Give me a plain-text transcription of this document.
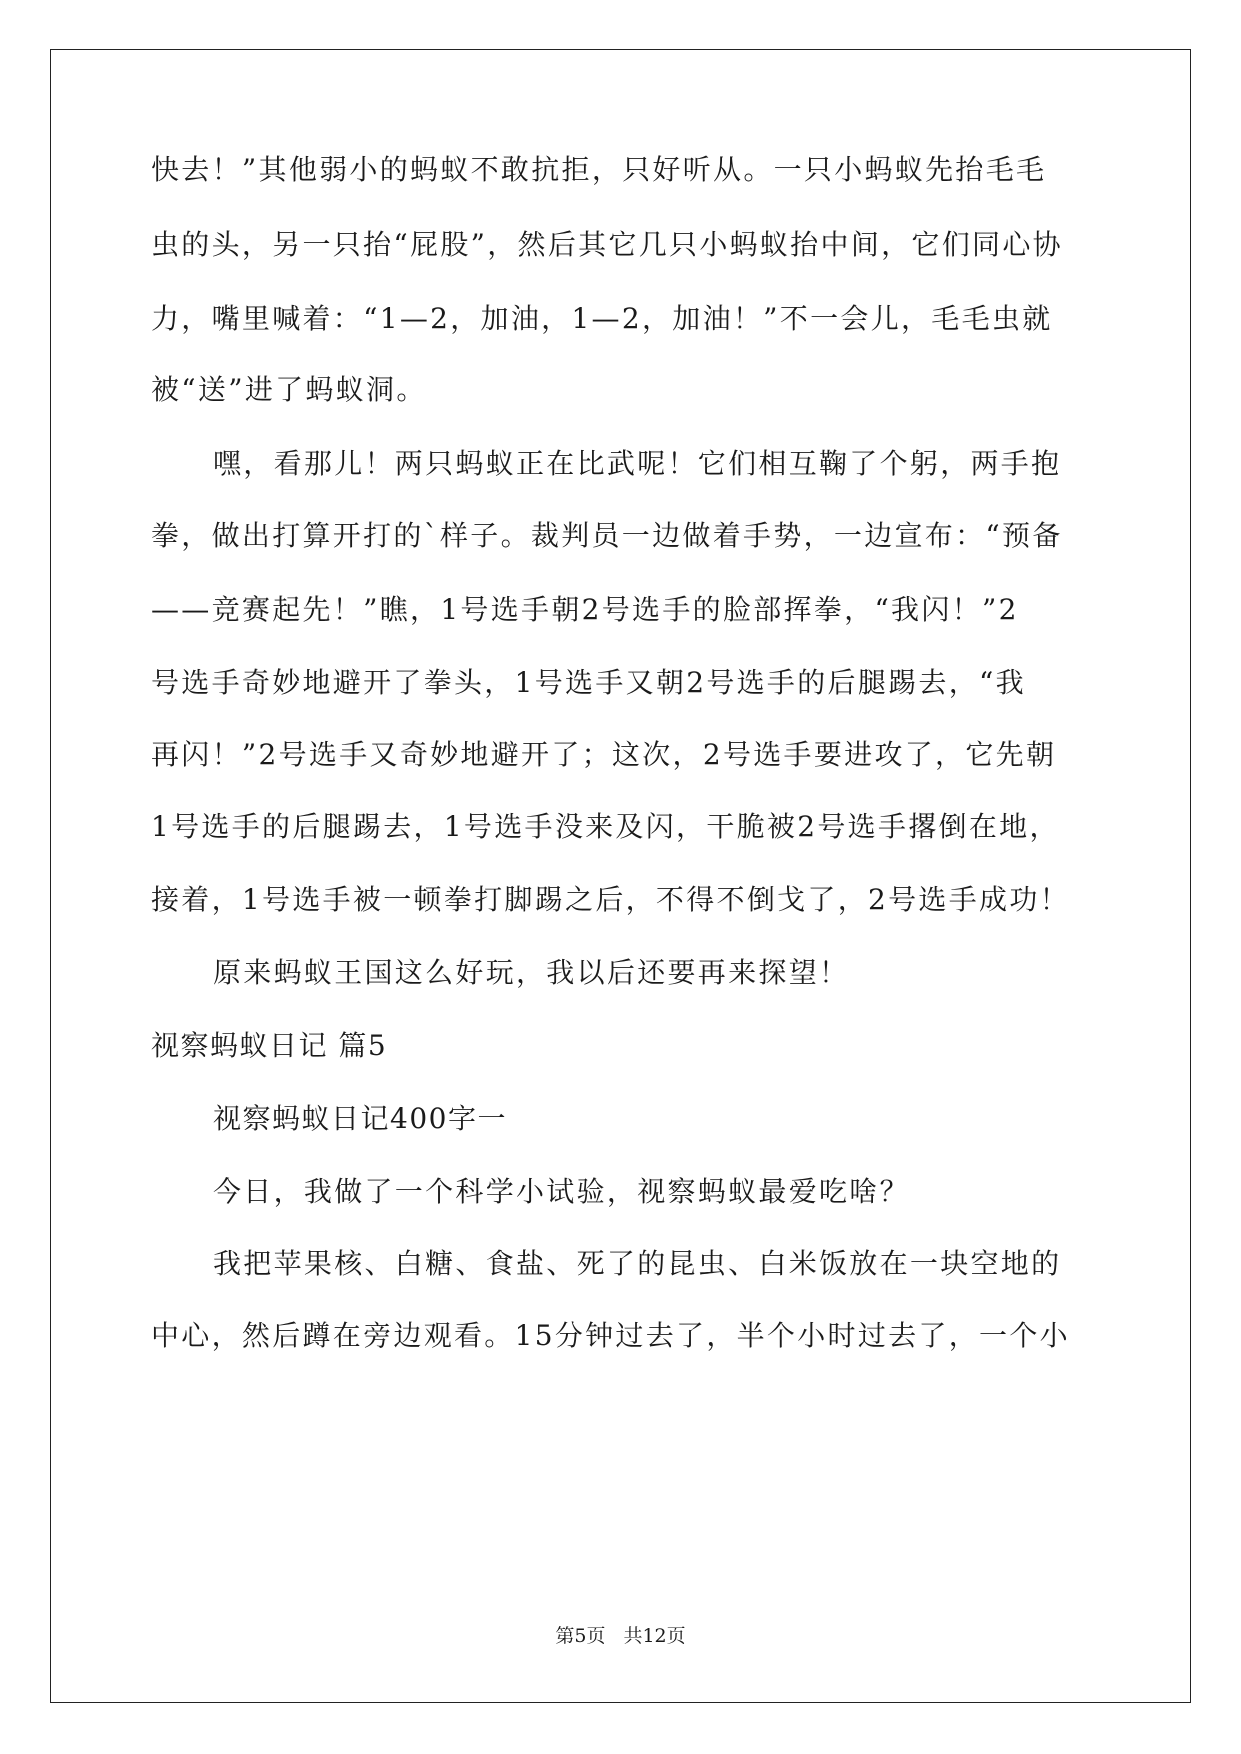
快去！”其他弱小的蚂蚁不敢抗拒，只好听从。一只小蚂蚁先抬毛毛
虫的头，另一只抬“屁股”，然后其它几只小蚂蚁抬中间，它们同心协
力，嘴里喊着：“1—2，加油，1—2，加油！”不一会儿，毛毛虫就
被“送”进了蚂蚁洞。
嘿，看那儿！两只蚂蚁正在比武呢！它们相互鞠了个躬，两手抱
拳，做出打算开打的`样子。裁判员一边做着手势，一边宣布：“预备
——竞赛起先！”瞧，1号选手朝2号选手的脸部挥拳，“我闪！”2
号选手奇妙地避开了拳头，1号选手又朝2号选手的后腿踢去，“我
再闪！”2号选手又奇妙地避开了；这次，2号选手要进攻了，它先朝
1号选手的后腿踢去，1号选手没来及闪，干脆被2号选手撂倒在地，
接着，1号选手被一顿拳打脚踢之后，不得不倒戈了，2号选手成功！
原来蚂蚁王国这么好玩，我以后还要再来探望！
视察蚂蚁日记 篇5
视察蚂蚁日记400字一
今日，我做了一个科学小试验，视察蚂蚁最爱吃啥？
我把苹果核、白糖、食盐、死了的昆虫、白米饭放在一块空地的
中心，然后蹲在旁边观看。15分钟过去了，半个小时过去了，一个小
第5页 共12页
